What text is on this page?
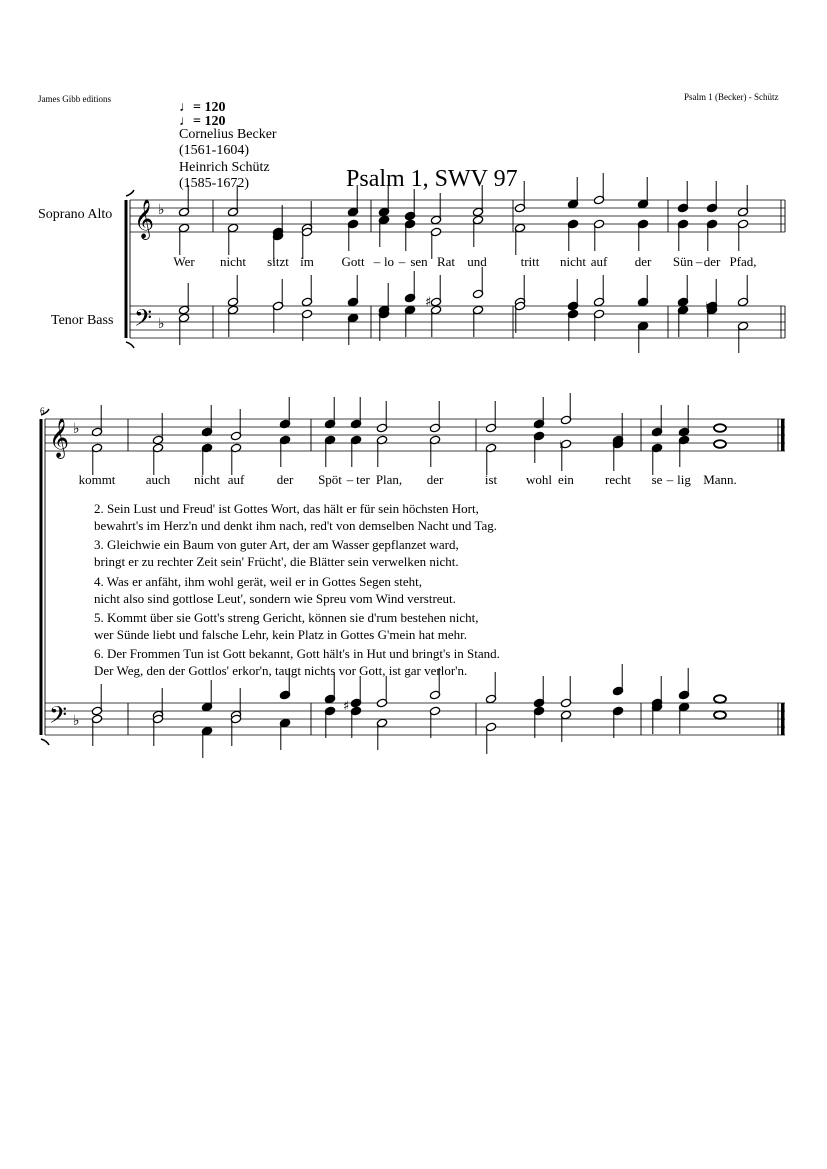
James Gibb editions	Psalm 1 (Becker) - Schütz
♩= 120
♩= 120
Cornelius Becker
(1561-1604)
Heinrich Schütz
(1585-1672)	Psalm 1, SWV 97
Soprano Alto
Tenor Bass
6
Wer nicht sitzt im Gott – lo – sen Rat und	tritt nicht auf der Sün – der Pfad,
kommt auch nicht auf der Spöt – ter Plan, der	ist wohl ein recht se – lig Mann.
2. Sein Lust und Freud' ist Gottes Wort, das hält er für sein höchsten Hort,
bewahrt's im Herz'n und denkt ihm nach, red't von demselben Nacht und Tag.
3. Gleichwie ein Baum von guter Art, der am Wasser gepflanzet ward,
bringt er zu rechter Zeit sein' Frücht', die Blätter sein verwelken nicht.
4. Was er anfäht, ihm wohl gerät, weil er in Gottes Segen steht,
nicht also sind gottlose Leut', sondern wie Spreu vom Wind verstreut.
5. Kommt über sie Gott's streng Gericht, können sie d'rum bestehen nicht,
wer Sünde liebt und falsche Lehr, kein Platz in Gottes G'mein hat mehr.
6. Der Frommen Tun ist Gott bekannt, Gott hält's in Hut und bringt's in Stand.
Der Weg, den der Gottlos' erkor'n, taugt nichts vor Gott, ist gar verlor'n.
𝄞
𝄢
♭
♭
♯	♮
𝄞
𝄢
♭
♭
♮
♯
